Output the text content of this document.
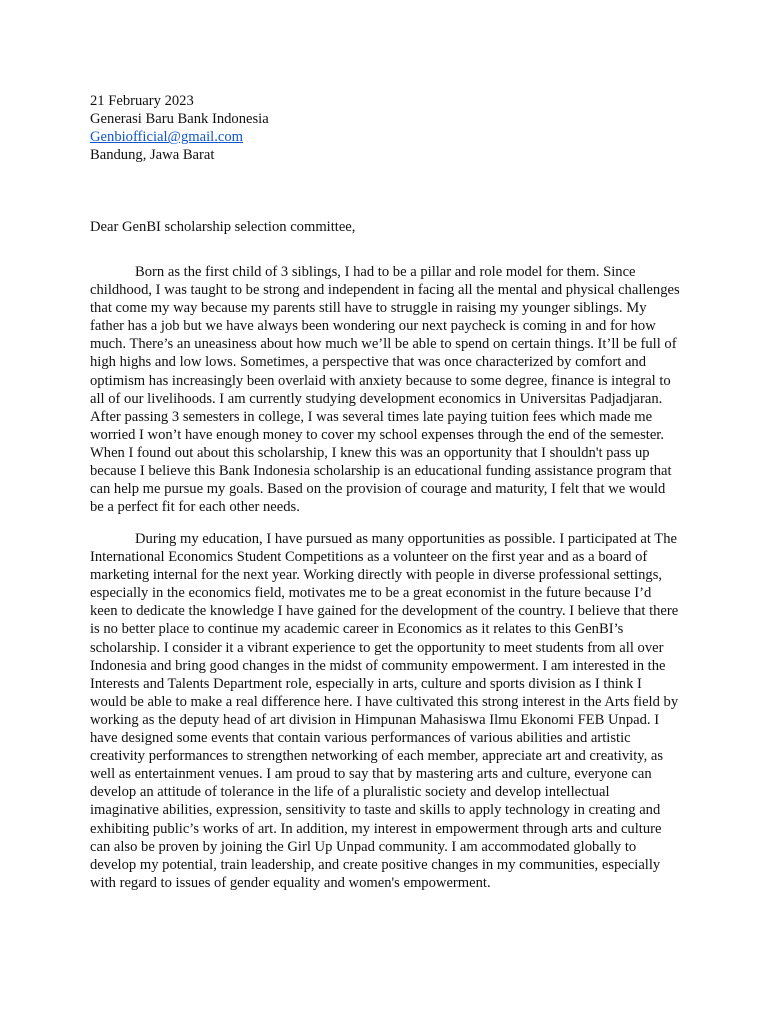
21 February 2023
Generasi Baru Bank Indonesia
Genbiofficial@gmail.com
Bandung, Jawa Barat
Dear GenBI scholarship selection committee,

Born as the first child of 3 siblings, I had to be a pillar and role model for them. Since childhood, I was taught to be strong and independent in facing all the mental and physical challenges that come my way because my parents still have to struggle in raising my younger siblings. My father has a job but we have always been wondering our next paycheck is coming in and for how much. There’s an uneasiness about how much we’ll be able to spend on certain things. It’ll be full of high highs and low lows. Sometimes, a perspective that was once characterized by comfort and optimism has increasingly been overlaid with anxiety because to some degree, finance is integral to all of our livelihoods. I am currently studying development economics in Universitas Padjadjaran. After passing 3 semesters in college, I was several times late paying tuition fees which made me worried I won’t have enough money to cover my school expenses through the end of the semester. When I found out about this scholarship, I knew this was an opportunity that I shouldn't pass up because I believe this Bank Indonesia scholarship is an educational funding assistance program that can help me pursue my goals. Based on the provision of courage and maturity, I felt that we would be a perfect fit for each other needs.

During my education, I have pursued as many opportunities as possible. I participated at The International Economics Student Competitions as a volunteer on the first year and as a board of marketing internal for the next year. Working directly with people in diverse professional settings, especially in the economics field, motivates me to be a great economist in the future because I’d keen to dedicate the knowledge I have gained for the development of the country. I believe that there is no better place to continue my academic career in Economics as it relates to this GenBI’s scholarship. I consider it a vibrant experience to get the opportunity to meet students from all over Indonesia and bring good changes in the midst of community empowerment. I am interested in the Interests and Talents Department role, especially in arts, culture and sports division as I think I would be able to make a real difference here. I have cultivated this strong interest in the Arts field by working as the deputy head of art division in Himpunan Mahasiswa Ilmu Ekonomi FEB Unpad. I have designed some events that contain various performances of various abilities and artistic creativity performances to strengthen networking of each member, appreciate art and creativity, as well as entertainment venues. I am proud to say that by mastering arts and culture, everyone can develop an attitude of tolerance in the life of a pluralistic society and develop intellectual imaginative abilities, expression, sensitivity to taste and skills to apply technology in creating and exhibiting public’s works of art. In addition, my interest in empowerment through arts and culture can also be proven by joining the Girl Up Unpad community. I am accommodated globally to develop my potential, train leadership, and create positive changes in my communities, especially with regard to issues of gender equality and women's empowerment.
